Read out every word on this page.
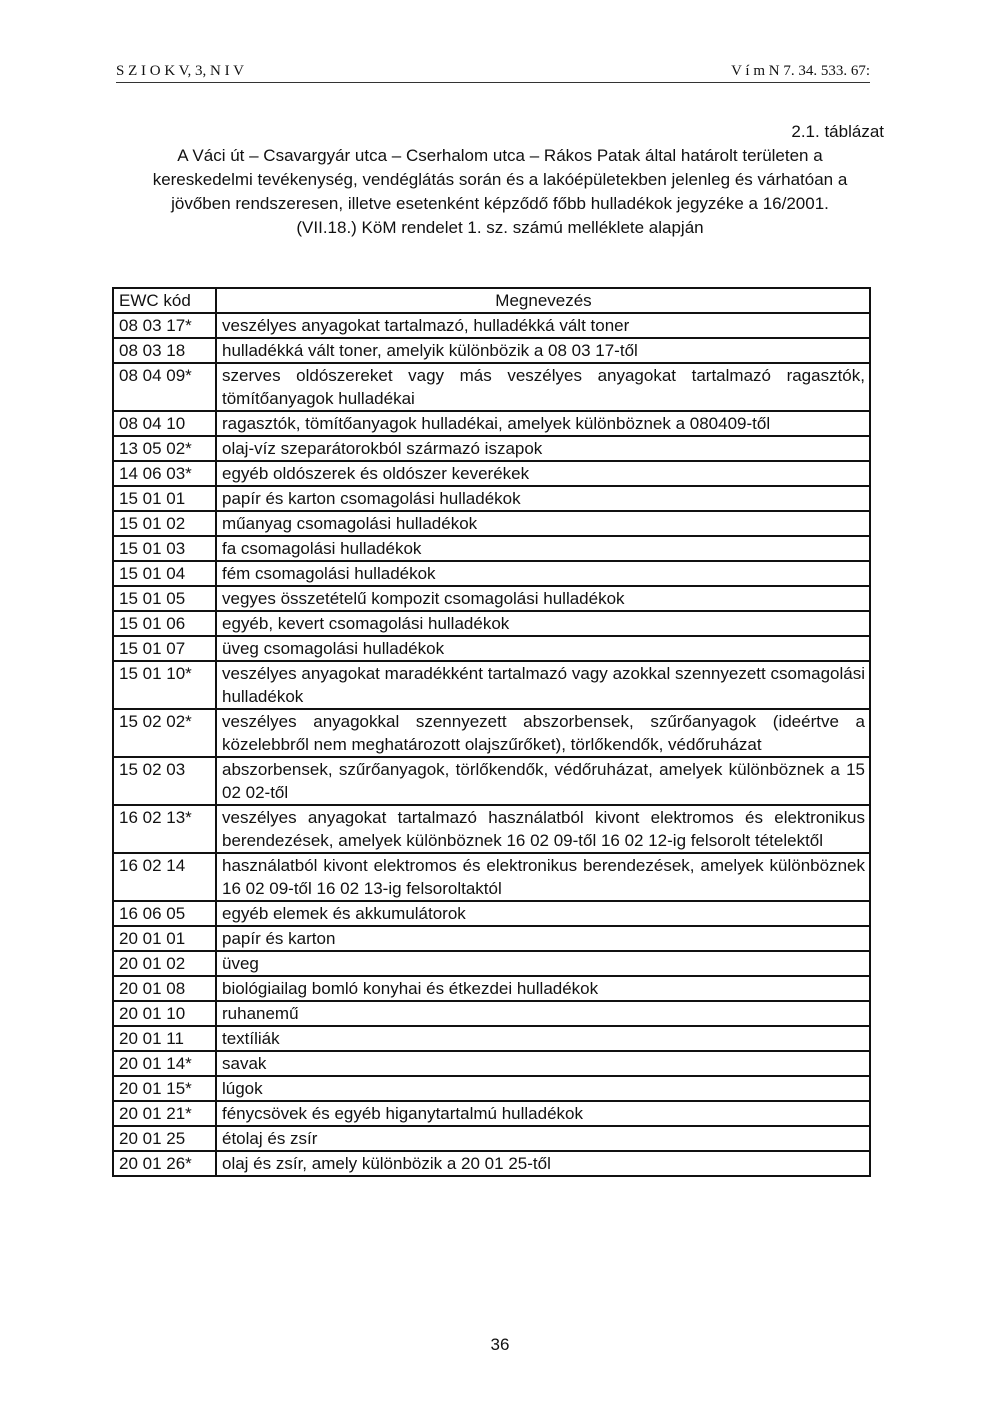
S Z I O K V, 3, N I V	V í m N 7. 34. 533. 67:
2.1. táblázat
A Váci út – Csavargyár utca – Cserhalom utca – Rákos Patak által határolt területen a kereskedelmi tevékenység, vendéglátás során és a lakóépületekben jelenleg és várhatóan a jövőben rendszeresen, illetve esetenként képződő főbb hulladékok jegyzéke a 16/2001. (VII.18.) KöM rendelet 1. sz. számú melléklete alapján
EWC kód	Megnevezés
08 03 17*	veszélyes anyagokat tartalmazó, hulladékká vált toner
08 03 18	hulladékká vált toner, amelyik különbözik a 08 03 17-től
08 04 09*	szerves oldószereket vagy más veszélyes anyagokat tartalmazó ragasztók, tömítőanyagok hulladékai
08 04 10	ragasztók, tömítőanyagok hulladékai, amelyek különböznek a 080409-től
13 05 02*	olaj-víz szeparátorokból származó iszapok
14 06 03*	egyéb oldószerek és oldószer keverékek
15 01 01	papír és karton csomagolási hulladékok
15 01 02	műanyag csomagolási hulladékok
15 01 03	fa csomagolási hulladékok
15 01 04	fém csomagolási hulladékok
15 01 05	vegyes összetételű kompozit csomagolási hulladékok
15 01 06	egyéb, kevert csomagolási hulladékok
15 01 07	üveg csomagolási hulladékok
15 01 10*	veszélyes anyagokat maradékként tartalmazó vagy azokkal szennyezett csomagolási hulladékok
15 02 02*	veszélyes anyagokkal szennyezett abszorbensek, szűrőanyagok (ideértve a közelebbről nem meghatározott olajszűrőket), törlőkendők, védőruházat
15 02 03	abszorbensek, szűrőanyagok, törlőkendők, védőruházat, amelyek különböznek a 15 02 02-től
16 02 13*	veszélyes anyagokat tartalmazó használatból kivont elektromos és elektronikus berendezések, amelyek különböznek 16 02 09-től 16 02 12-ig felsorolt tételektől
16 02 14	használatból kivont elektromos és elektronikus berendezések, amelyek különböznek 16 02 09-től 16 02 13-ig felsoroltaktól
16 06 05	egyéb elemek és akkumulátorok
20 01 01	papír és karton
20 01 02	üveg
20 01 08	biológiailag bomló konyhai és étkezdei hulladékok
20 01 10	ruhanemű
20 01 11	textíliák
20 01 14*	savak
20 01 15*	lúgok
20 01 21*	fénycsövek és egyéb higanytartalmú hulladékok
20 01 25	étolaj és zsír
20 01 26*	olaj és zsír, amely különbözik a 20 01 25-től
36
